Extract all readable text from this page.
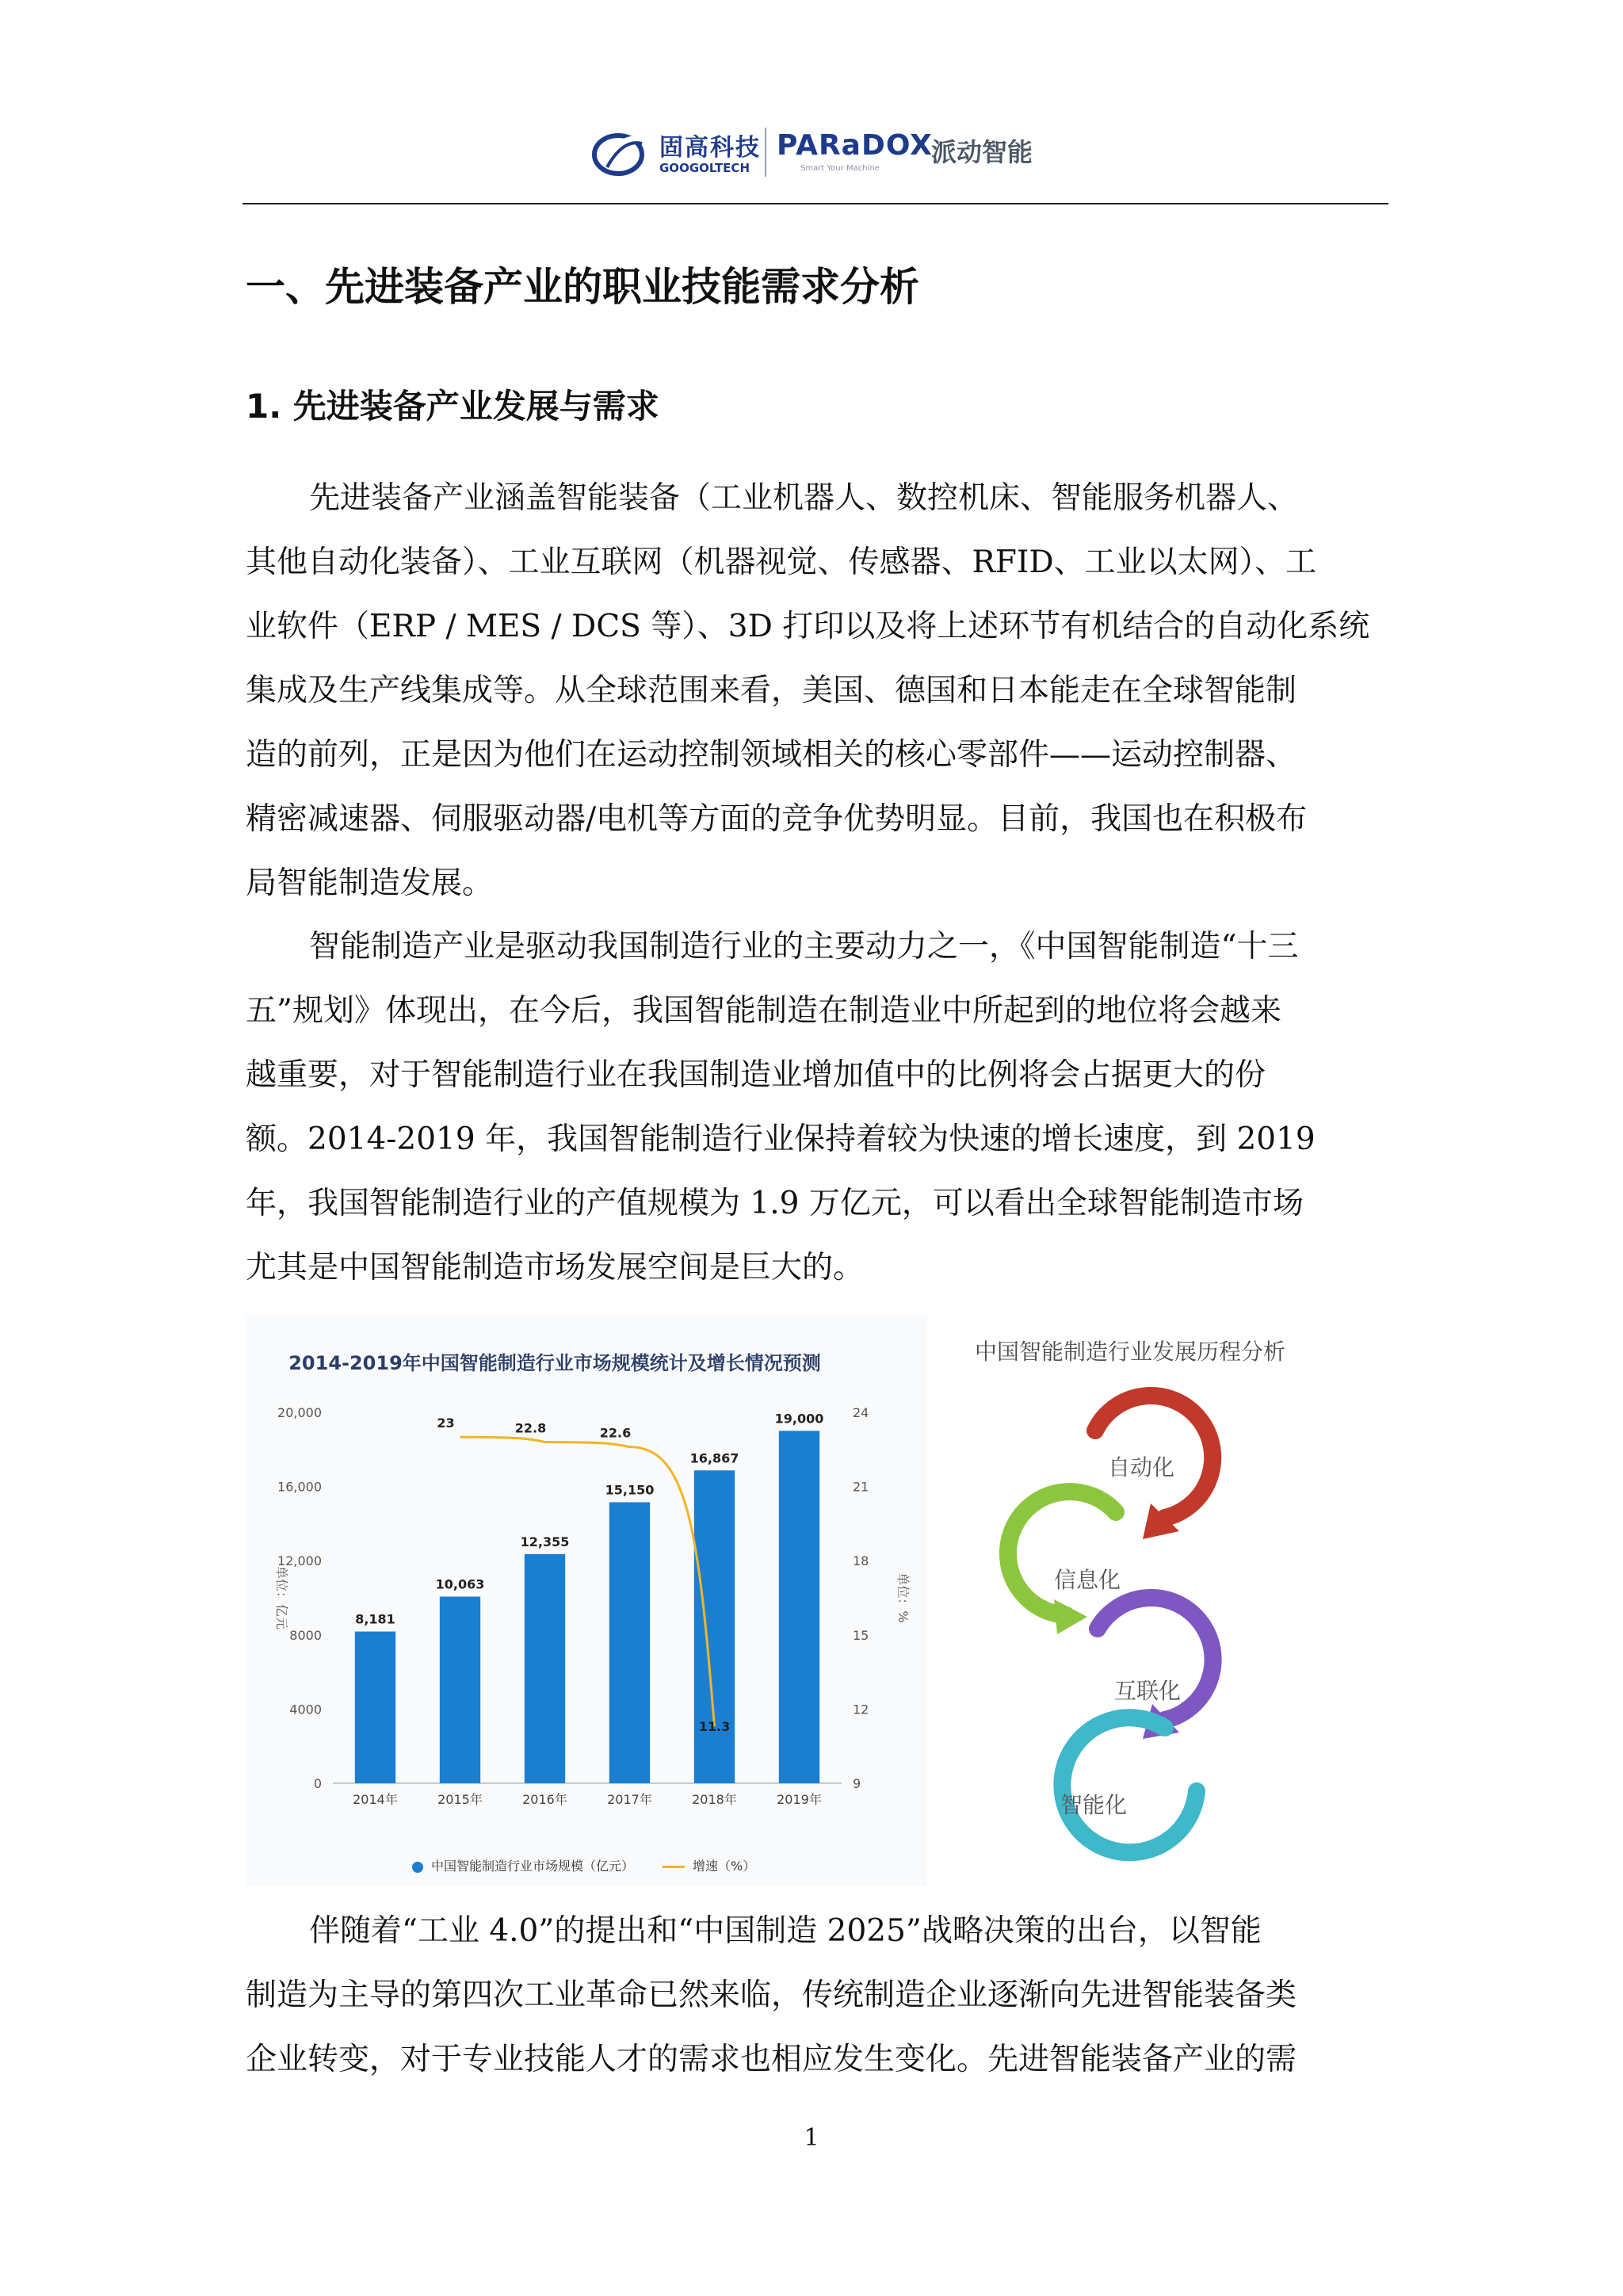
固高科技
GOOGOLTECH
PARaDOX
Smart Your Machine
派动智能
一、先进装备产业的职业技能需求分析
1. 先进装备产业发展与需求
先进装备产业涵盖智能装备（工业机器人、数控机床、智能服务机器人、
其他自动化装备）、工业互联网（机器视觉、传感器、RFID、工业以太网）、工
业软件（ERP / MES / DCS 等）、3D 打印以及将上述环节有机结合的自动化系统
集成及生产线集成等。从全球范围来看，美国、德国和日本能走在全球智能制
造的前列，正是因为他们在运动控制领域相关的核心零部件——运动控制器、
精密减速器、伺服驱动器/电机等方面的竞争优势明显。目前，我国也在积极布
局智能制造发展。
智能制造产业是驱动我国制造行业的主要动力之一，《中国智能制造“十三
五”规划》体现出，在今后，我国智能制造在制造业中所起到的地位将会越来
越重要，对于智能制造行业在我国制造业增加值中的比例将会占据更大的份
额。2014-2019 年，我国智能制造行业保持着较为快速的增长速度，到 2019
年，我国智能制造行业的产值规模为 1.9 万亿元，可以看出全球智能制造市场
尤其是中国智能制造市场发展空间是巨大的。
2014-2019年中国智能制造行业市场规模统计及增长情况预测
0
4000
8000
12,000
16,000
20,000
9
12
15
18
21
24
单位：亿元	单位：%
8,181
10,063
12,355
15,150
16,867
19,000
2014年	2015年	2016年	2017年	2018年	2019年
23	22.8	22.6
11.3
中国智能制造行业市场规模（亿元）	增速（%）
中国智能制造行业发展历程分析
自动化
信息化
互联化
智能化
伴随着“工业 4.0”的提出和“中国制造 2025”战略决策的出台，以智能
制造为主导的第四次工业革命已然来临，传统制造企业逐渐向先进智能装备类
企业转变，对于专业技能人才的需求也相应发生变化。先进智能装备产业的需
1
